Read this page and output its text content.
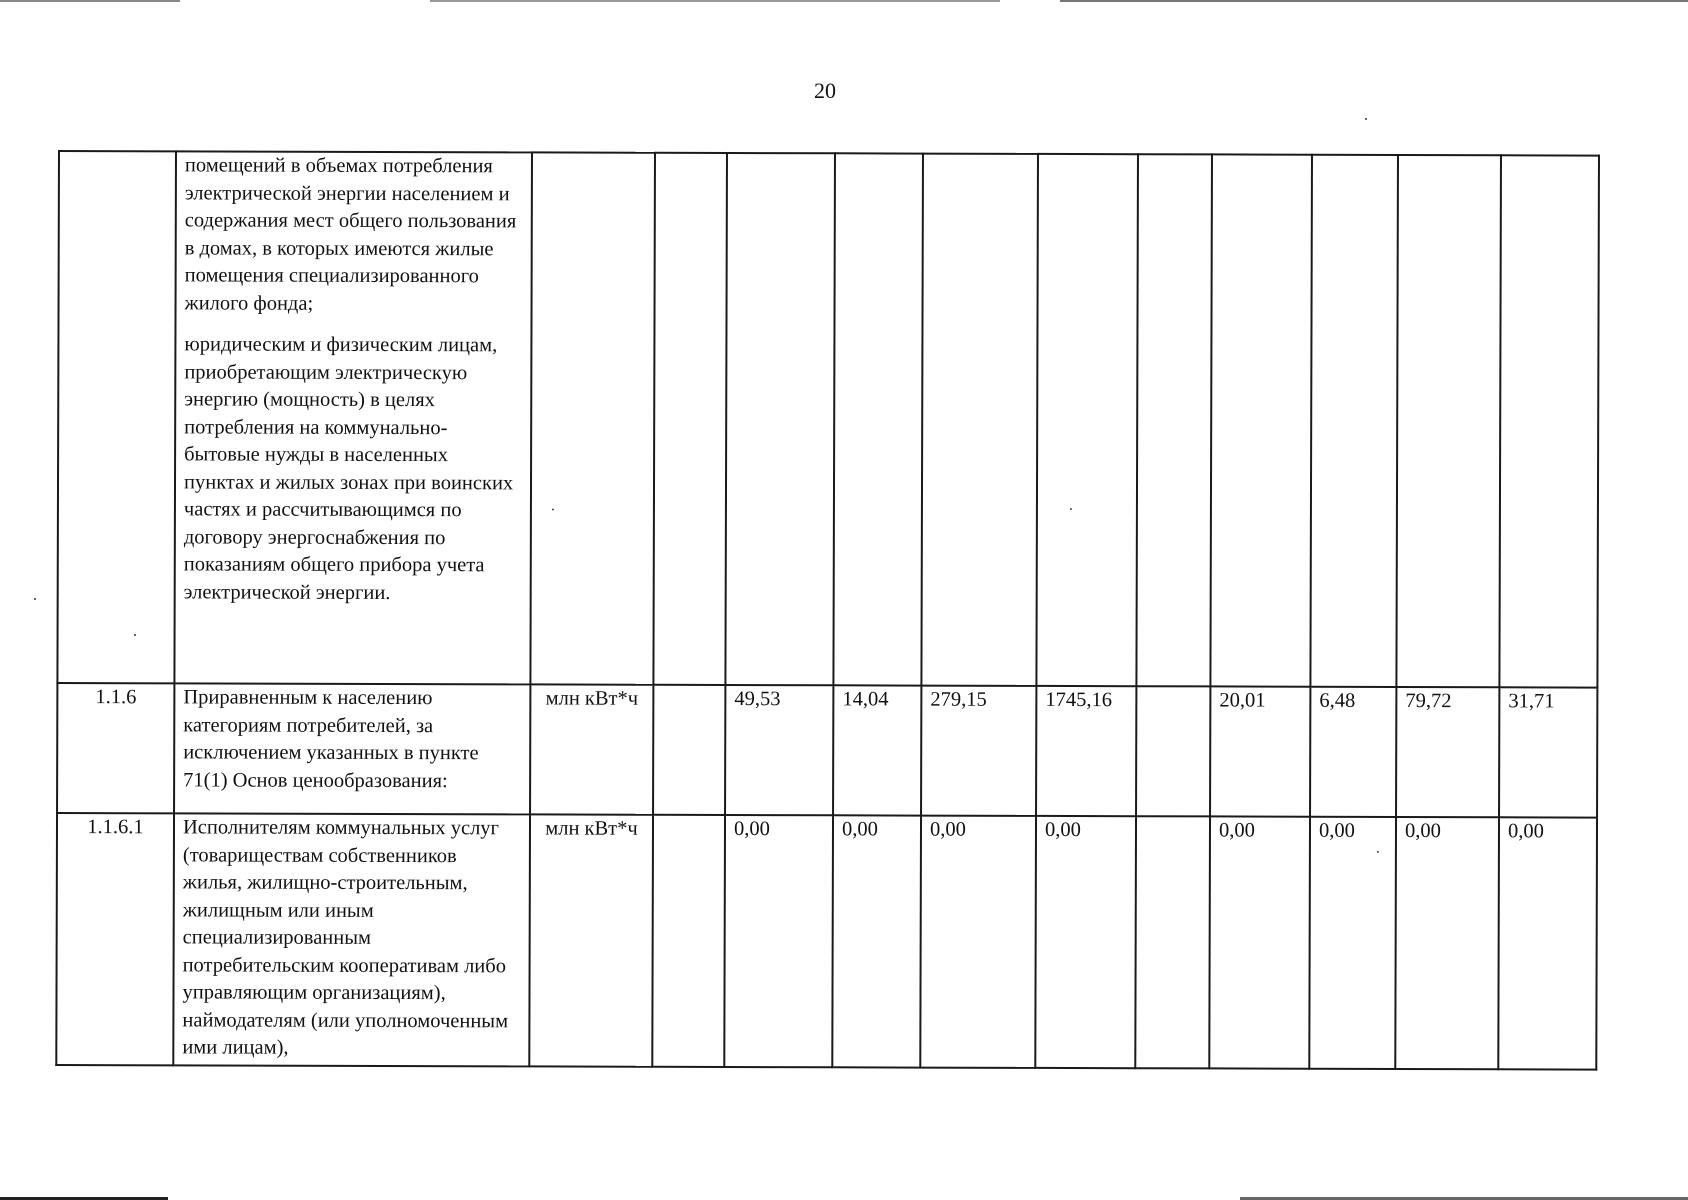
20

	помещений в объемах потребления электрической энергии населением и содержания мест общего пользования в домах, в которых имеются жилые помещения специализированного жилого фонда;

юридическим и физическим лицам, приобретающим электрическую энергию (мощность) в целях потребления на коммунально-бытовые нужды в населенных пунктах и жилых зонах при воинских частях и рассчитывающимся по договору энергоснабжения по показаниям общего прибора учета электрической энергии.											

1.1.6	Приравненным к населению категориям потребителей, за исключением указанных в пункте 71(1) Основ ценообразования:	млн кВт*ч		49,53	14,04	279,15	1745,16		20,01	6,48	79,72	31,71
1.1.6.1	Исполнителям коммунальных услуг (товариществам собственников жилья, жилищно-строительным, жилищным или иным специализированным потребительским кооперативам либо управляющим организациям), наймодателям (или уполномоченным ими лицам),	млн кВт*ч		0,00	0,00	0,00	0,00		0,00	0,00	0,00	0,00
